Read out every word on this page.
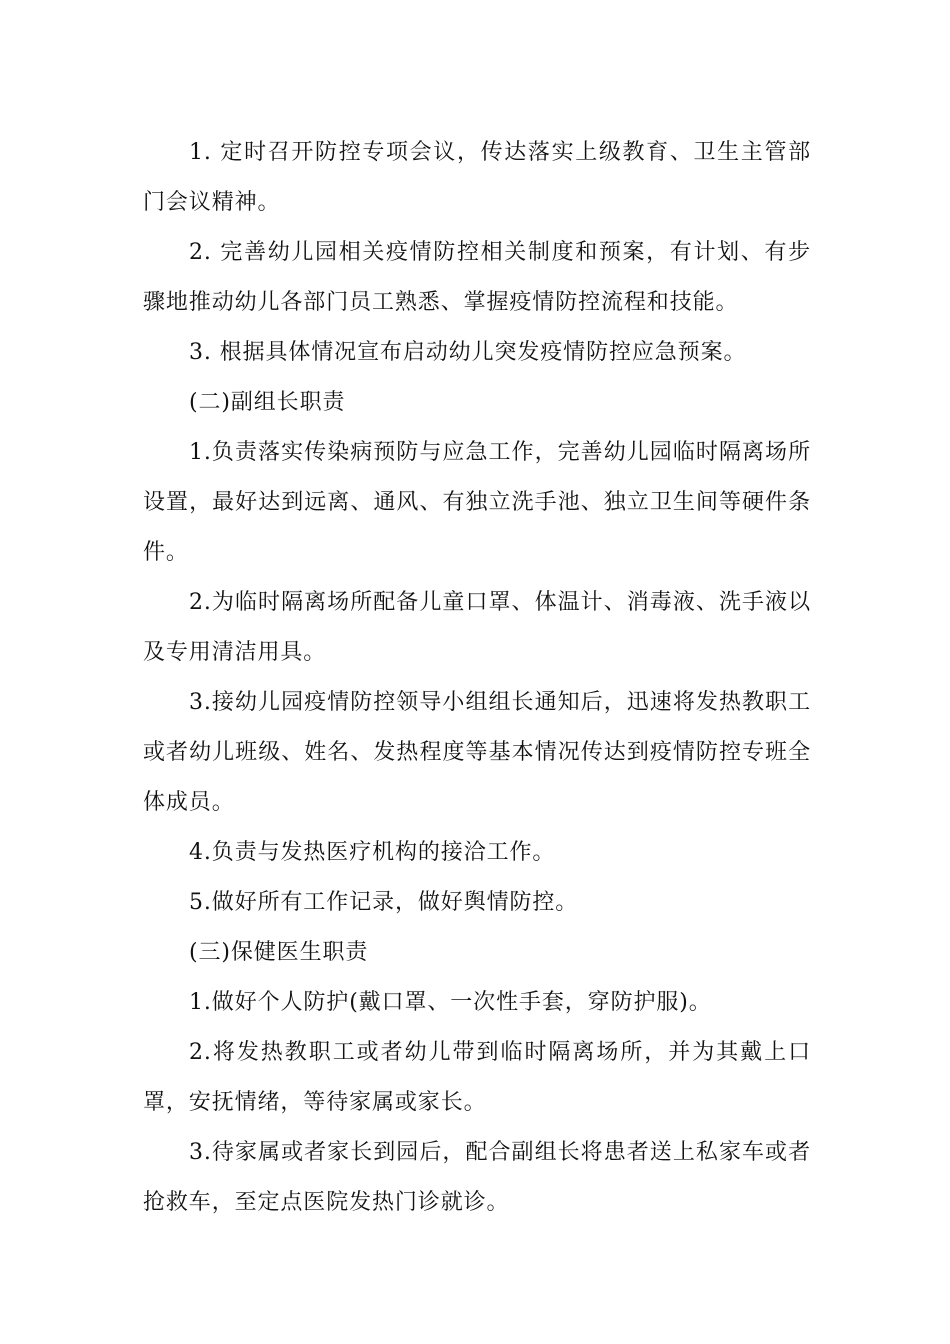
1. 定时召开防控专项会议，传达落实上级教育、卫生主管部门会议精神。

2. 完善幼儿园相关疫情防控相关制度和预案，有计划、有步骤地推动幼儿各部门员工熟悉、掌握疫情防控流程和技能。

3. 根据具体情况宣布启动幼儿突发疫情防控应急预案。

(二)副组长职责

1.负责落实传染病预防与应急工作，完善幼儿园临时隔离场所设置，最好达到远离、通风、有独立洗手池、独立卫生间等硬件条件。

2.为临时隔离场所配备儿童口罩、体温计、消毒液、洗手液以及专用清洁用具。

3.接幼儿园疫情防控领导小组组长通知后，迅速将发热教职工或者幼儿班级、姓名、发热程度等基本情况传达到疫情防控专班全体成员。

4.负责与发热医疗机构的接洽工作。

5.做好所有工作记录，做好舆情防控。

(三)保健医生职责

1.做好个人防护(戴口罩、一次性手套，穿防护服)。

2.将发热教职工或者幼儿带到临时隔离场所，并为其戴上口罩，安抚情绪，等待家属或家长。

3.待家属或者家长到园后，配合副组长将患者送上私家车或者抢救车，至定点医院发热门诊就诊。
